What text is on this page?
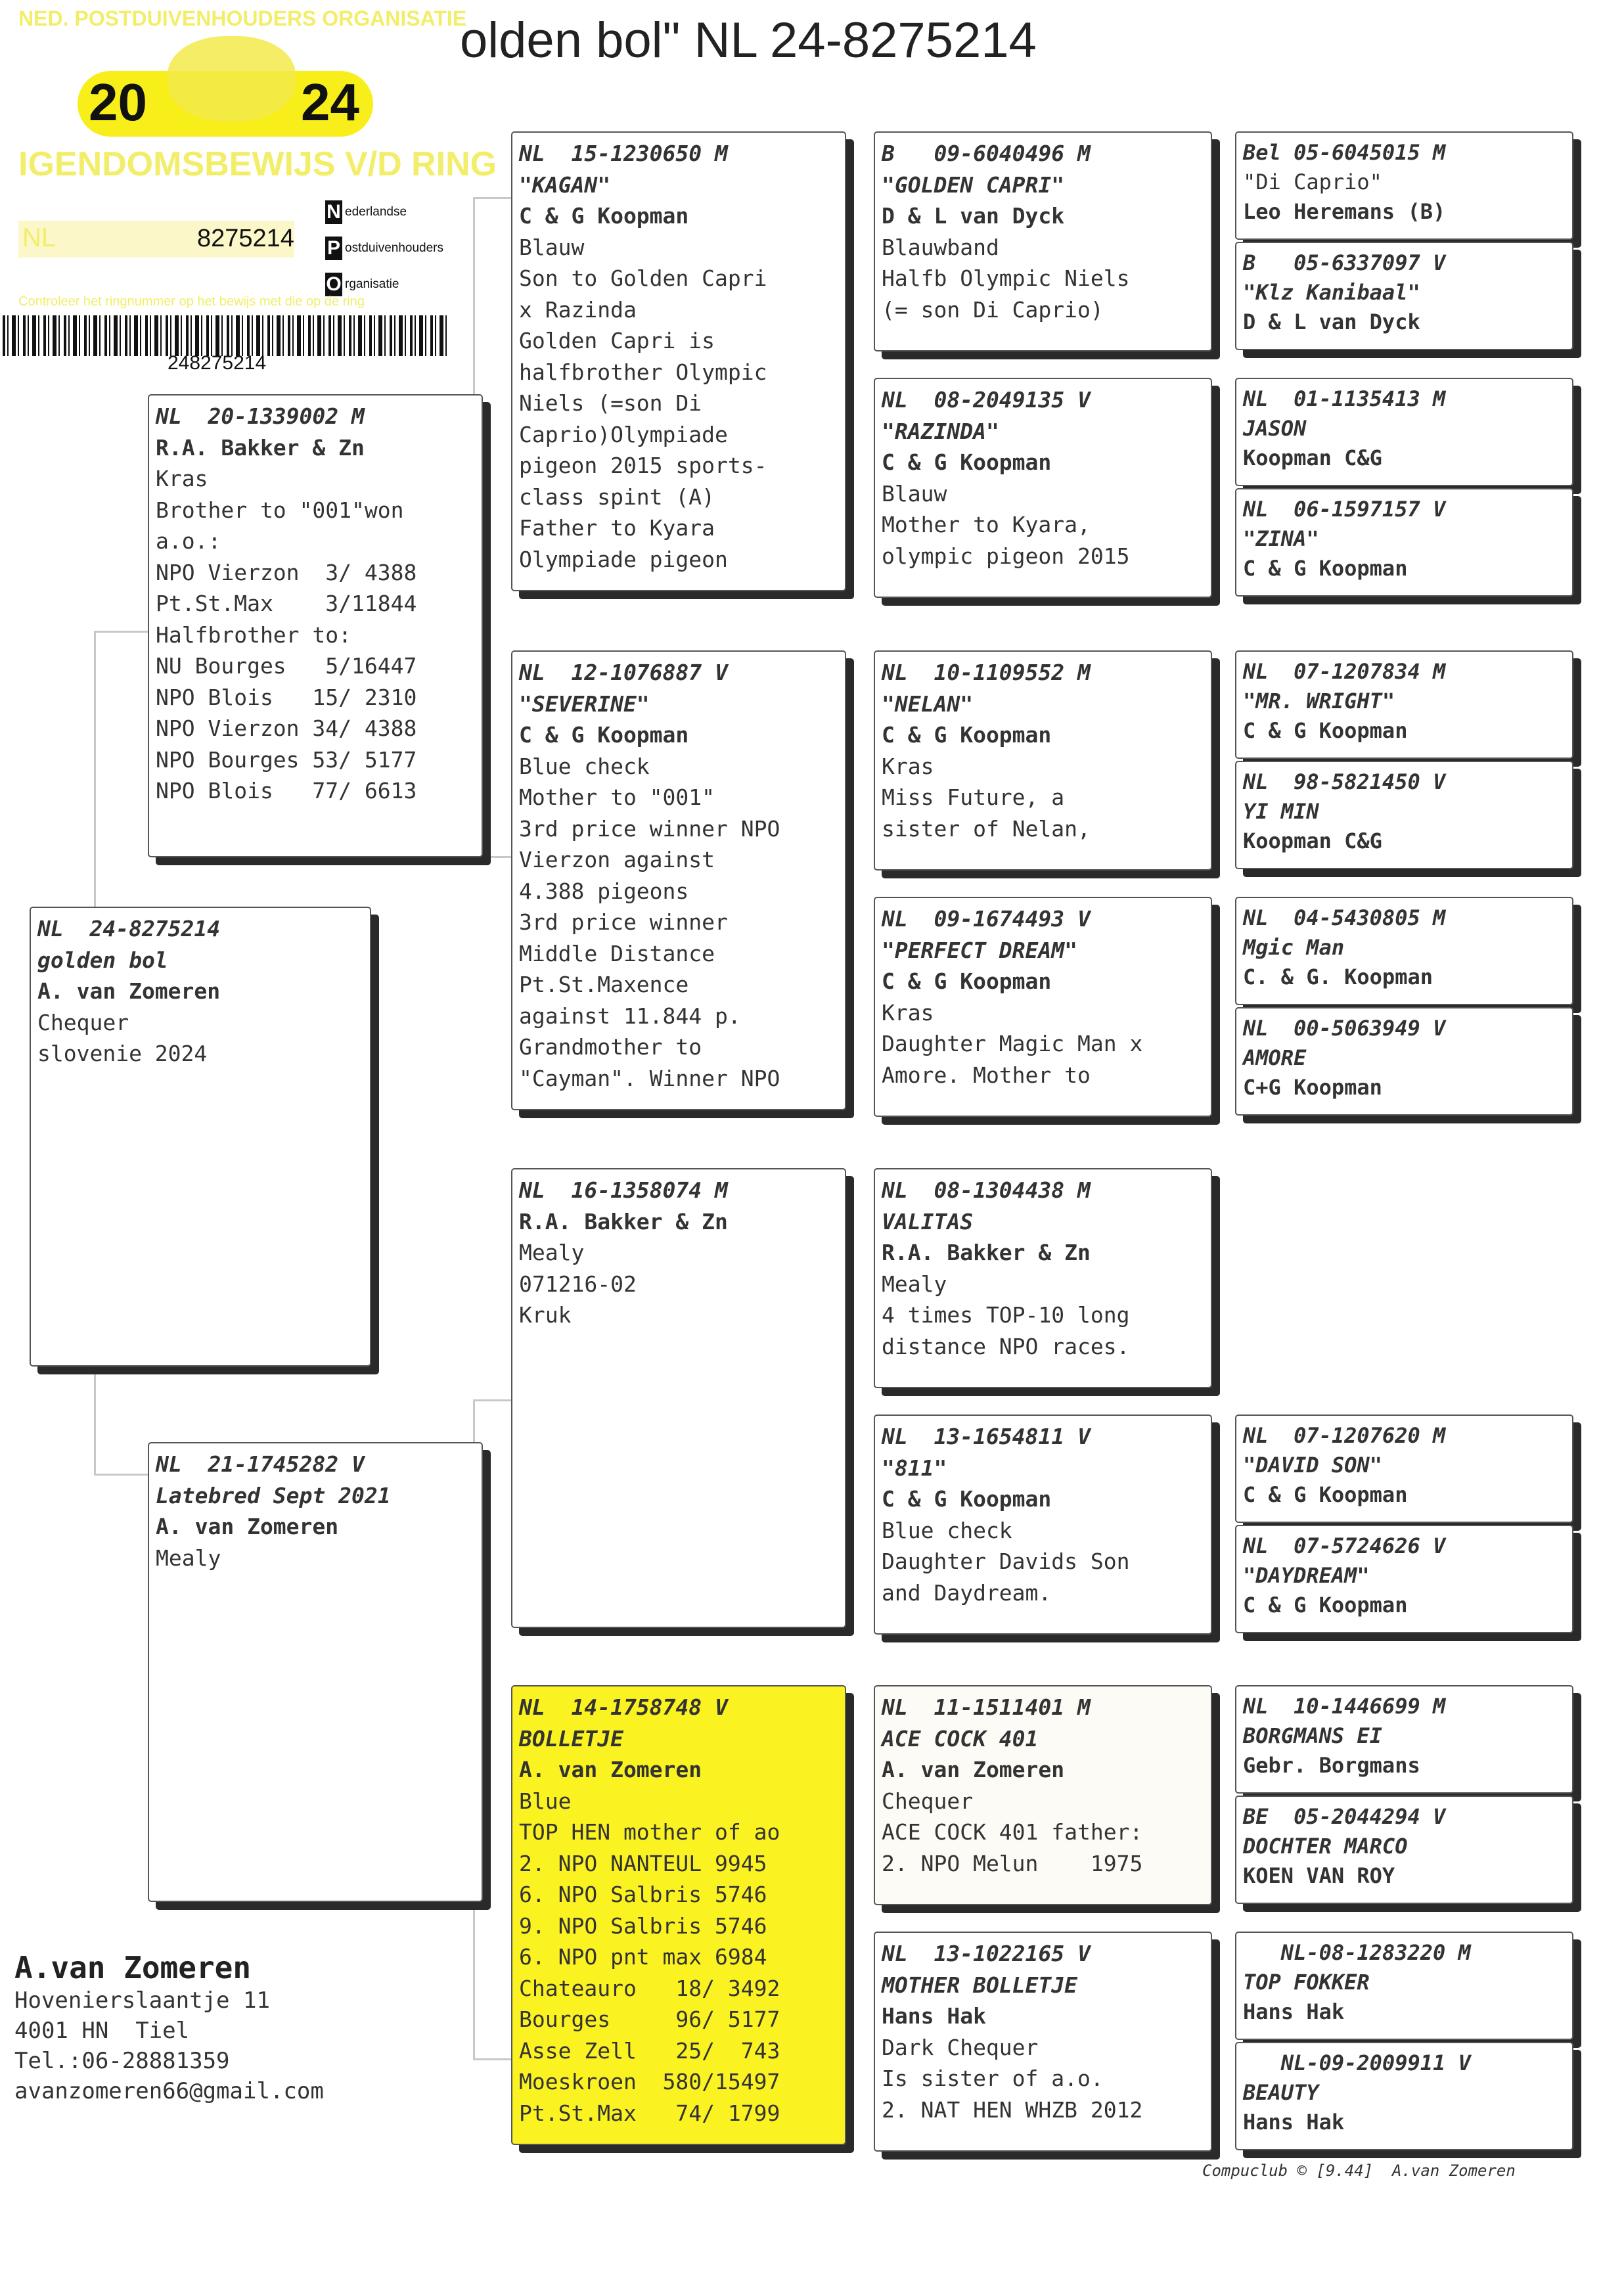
olden bol" NL 24-8275214
NED. POSTDUIVENHOUDERS ORGANISATIE
20	24
IGENDOMSBEWIJS V/D RING
NL	8275214
N ederlandse
P ostduivenhouders
O rganisatie
Controleer het ringnummer op het bewijs met die op de ring
248275214
NL  24-8275214
golden bol
A. van Zomeren
Chequer
slovenie 2024
NL  20-1339002 M
R.A. Bakker & Zn
Kras
Brother to "001"won
a.o.:
NPO Vierzon  3/ 4388
Pt.St.Max    3/11844
Halfbrother to:
NU Bourges   5/16447
NPO Blois   15/ 2310
NPO Vierzon 34/ 4388
NPO Bourges 53/ 5177
NPO Blois   77/ 6613
NL  21-1745282 V
Latebred Sept 2021
A. van Zomeren
Mealy
NL  15-1230650 M
"KAGAN"
C & G Koopman
Blauw
Son to Golden Capri
x Razinda
Golden Capri is
halfbrother Olympic
Niels (=son Di
Caprio)Olympiade
pigeon 2015 sports-
class spint (A)
Father to Kyara
Olympiade pigeon
NL  12-1076887 V
"SEVERINE"
C & G Koopman
Blue check
Mother to "001"
3rd price winner NPO
Vierzon against
4.388 pigeons
3rd price winner
Middle Distance
Pt.St.Maxence
against 11.844 p.
Grandmother to
"Cayman". Winner NPO
NL  16-1358074 M
R.A. Bakker & Zn
Mealy
071216-02
Kruk
NL  14-1758748 V
BOLLETJE
A. van Zomeren
Blue
TOP HEN mother of ao
2. NPO NANTEUL 9945
6. NPO Salbris 5746
9. NPO Salbris 5746
6. NPO pnt max 6984
Chateauro   18/ 3492
Bourges     96/ 5177
Asse Zell   25/  743
Moeskroen  580/15497
Pt.St.Max   74/ 1799
B   09-6040496 M
"GOLDEN CAPRI"
D & L van Dyck
Blauwband
Halfb Olympic Niels
(= son Di Caprio)
NL  08-2049135 V
"RAZINDA"
C & G Koopman
Blauw
Mother to Kyara,
olympic pigeon 2015
NL  10-1109552 M
"NELAN"
C & G Koopman
Kras
Miss Future, a
sister of Nelan,
NL  09-1674493 V
"PERFECT DREAM"
C & G Koopman
Kras
Daughter Magic Man x
Amore. Mother to
NL  08-1304438 M
VALITAS
R.A. Bakker & Zn
Mealy
4 times TOP-10 long
distance NPO races.
NL  13-1654811 V
"811"
C & G Koopman
Blue check
Daughter Davids Son
and Daydream.
NL  11-1511401 M
ACE COCK 401
A. van Zomeren
Chequer
ACE COCK 401 father:
2. NPO Melun    1975
NL  13-1022165 V
MOTHER BOLLETJE
Hans Hak
Dark Chequer
Is sister of a.o.
2. NAT HEN WHZB 2012
Bel 05-6045015 M
"Di Caprio"
Leo Heremans (B)
B   05-6337097 V
"Klz Kanibaal"
D & L van Dyck
NL  01-1135413 M
JASON
Koopman C&G
NL  06-1597157 V
"ZINA"
C & G Koopman
NL  07-1207834 M
"MR. WRIGHT"
C & G Koopman
NL  98-5821450 V
YI MIN
Koopman C&G
NL  04-5430805 M
Mgic Man
C. & G. Koopman
NL  00-5063949 V
AMORE
C+G Koopman
NL  07-1207620 M
"DAVID SON"
C & G Koopman
NL  07-5724626 V
"DAYDREAM"
C & G Koopman
NL  10-1446699 M
BORGMANS EI
Gebr. Borgmans
BE  05-2044294 V
DOCHTER MARCO
KOEN VAN ROY
NL-08-1283220 M
TOP FOKKER
Hans Hak
NL-09-2009911 V
BEAUTY
Hans Hak
A.van Zomeren
Hovenierslaantje 11
4001 HN  Tiel
Tel.:06-28881359
avanzomeren66@gmail.com
Compuclub © [9.44]  A.van Zomeren
